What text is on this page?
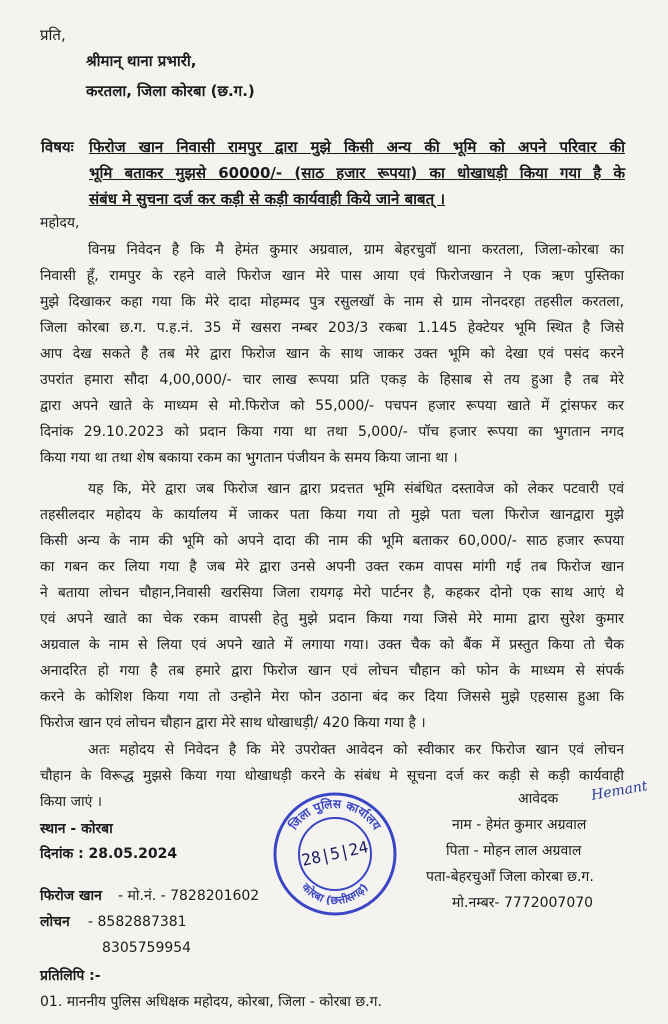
प्रति,
श्रीमान् थाना प्रभारी,
करतला, जिला कोरबा (छ.ग.)
विषयः फिरोज खान निवासी रामपुर द्वारा मुझे किसी अन्य की भूमि को अपने परिवार की
भूमि बताकर मुझसे 60000/- (साठ हजार रूपया) का धोखाधड़ी किया गया है के
संबंध मे सुचना दर्ज कर कड़ी से कड़ी कार्यवाही किये जाने बाबत् ।
महोदय,
विनम्र निवेदन है कि मै हेमंत कुमार अग्रवाल, ग्राम बेहरचुवॉ थाना करतला, जिला-कोरबा का
निवासी हूँ, रामपुर के रहने वाले फिरोज खान मेरे पास आया एवं फिरोजखान ने एक ऋण पुस्तिका
मुझे दिखाकर कहा गया कि मेरे दादा मोहम्मद पुत्र रसुलखॉ के नाम से ग्राम नोनदरहा तहसील करतला,
जिला कोरबा छ.ग. प.ह.नं. 35 में खसरा नम्बर 203/3 रकबा 1.145 हेक्टेयर भूमि स्थित है जिसे
आप देख सकते है तब मेरे द्वारा फिरोज खान के साथ जाकर उक्त भूमि को देखा एवं पसंद करने
उपरांत हमारा सौदा 4,00,000/- चार लाख रूपया प्रति एकड़ के हिसाब से तय हुआ है तब मेरे
द्वारा अपने खाते के माध्यम से मो.फिरोज को 55,000/- पचपन हजार रूपया खाते में ट्रांसफर कर
दिनांक 29.10.2023 को प्रदान किया गया था तथा 5,000/- पॉच हजार रूपया का भुगतान नगद
किया गया था तथा शेष बकाया रकम का भुगतान पंजीयन के समय किया जाना था ।
यह कि, मेरे द्वारा जब फिरोज खान द्वारा प्रदत्तत भूमि संबंधित दस्तावेज को लेकर पटवारी एवं
तहसीलदार महोदय के कार्यालय में जाकर पता किया गया तो मुझे पता चला फिरोज खानद्वारा मुझे
किसी अन्य के नाम की भूमि को अपने दादा की नाम की भूमि बताकर 60,000/- साठ हजार रूपया
का गबन कर लिया गया है जब मेरे द्वारा उनसे अपनी उक्त रकम वापस मांगी गई तब फिरोज खान
ने बताया लोचन चौहान,निवासी खरसिया जिला रायगढ़ मेरो पार्टनर है, कहकर दोनो एक साथ आएं थे
एवं अपने खाते का चेक रकम वापसी हेतु मुझे प्रदान किया गया जिसे मेरे मामा द्वारा सुरेश कुमार
अग्रवाल के नाम से लिया एवं अपने खाते में लगाया गया। उक्त चैक को बैंक में प्रस्तुत किया तो चैक
अनादरित हो गया है तब हमारे द्वारा फिरोज खान एवं लोचन चौहान को फोन के माध्यम से संपर्क
करने के कोशिश किया गया तो उन्होने मेरा फोन उठाना बंद कर दिया जिससे मुझे एहसास हुआ कि
फिरोज खान एवं लोचन चौहान द्वारा मेरे साथ धोखाधड़ी/ 420 किया गया है ।
अतः महोदय से निवेदन है कि मेरे उपरोक्त आवेदन को स्वीकार कर फिरोज खान एवं लोचन
चौहान के विरूद्ध मुझसे किया गया धोखाधड़ी करने के संबंध मे सूचना दर्ज कर कड़ी से कड़ी कार्यवाही
किया जाएं ।
स्थान - कोरबा
दिनांक : 28.05.2024
फिरोज खान - मो.नं. - 7828201602
लोचन - 8582887381
8305759954
जिला पुलिस कार्यालय
कोरबा (छत्तीसगढ़)
28|5|24
आवेदक Hemant
नाम - हेमंत कुमार अग्रवाल
पिता - मोहन लाल अग्रवाल
पता-बेहरचुआँ जिला कोरबा छ.ग.
मो.नम्बर- 7772007070
प्रतिलिपि :-
01. माननीय पुलिस अधिक्षक महोदय, कोरबा, जिला - कोरबा छ.ग.
